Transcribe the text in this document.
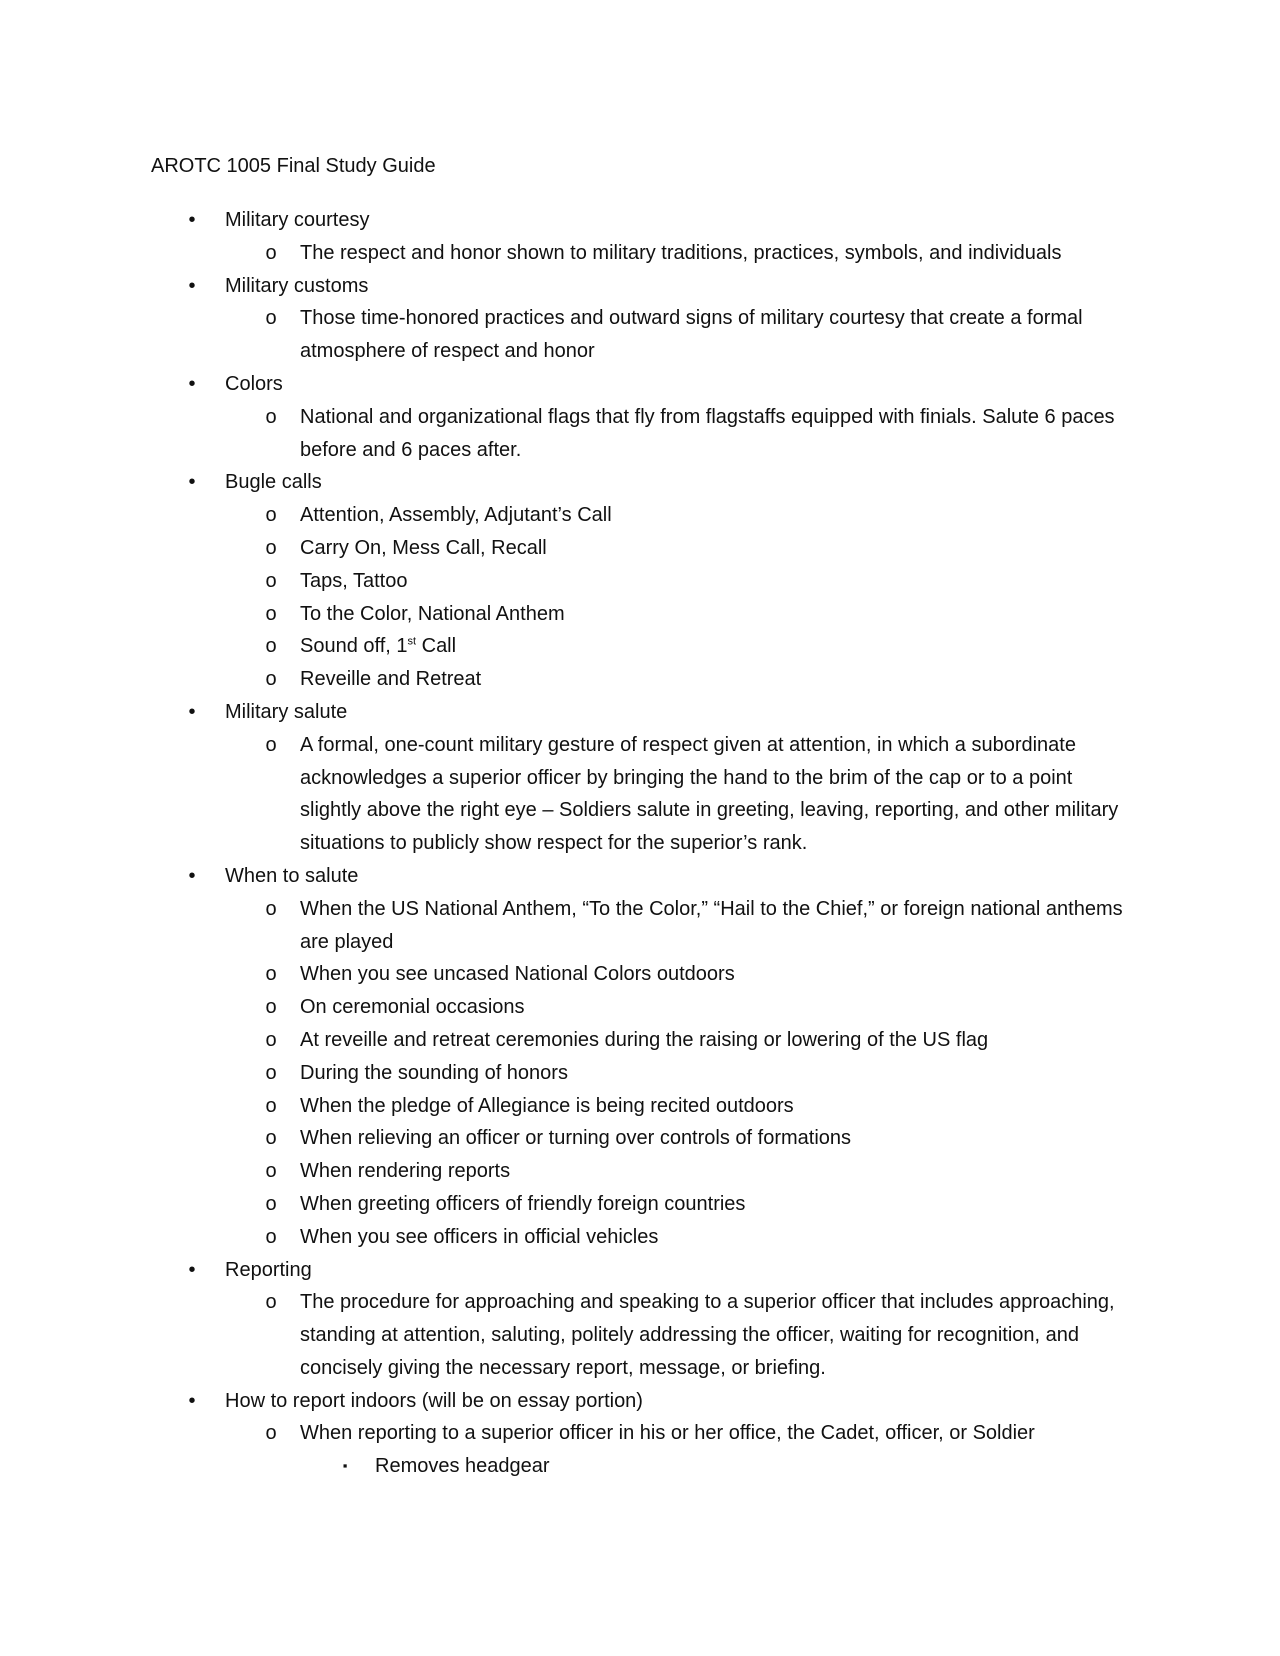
AROTC 1005 Final Study Guide
• Military courtesy
o The respect and honor shown to military traditions, practices, symbols, and individuals
• Military customs
o Those time-honored practices and outward signs of military courtesy that create a formal atmosphere of respect and honor
• Colors
o National and organizational flags that fly from flagstaffs equipped with finials. Salute 6 paces before and 6 paces after.
• Bugle calls
o Attention, Assembly, Adjutant’s Call
o Carry On, Mess Call, Recall
o Taps, Tattoo
o To the Color, National Anthem
o Sound off, 1st Call
o Reveille and Retreat
• Military salute
o A formal, one-count military gesture of respect given at attention, in which a subordinate acknowledges a superior officer by bringing the hand to the brim of the cap or to a point slightly above the right eye – Soldiers salute in greeting, leaving, reporting, and other military situations to publicly show respect for the superior’s rank.
• When to salute
o When the US National Anthem, “To the Color,” “Hail to the Chief,” or foreign national anthems are played
o When you see uncased National Colors outdoors
o On ceremonial occasions
o At reveille and retreat ceremonies during the raising or lowering of the US flag
o During the sounding of honors
o When the pledge of Allegiance is being recited outdoors
o When relieving an officer or turning over controls of formations
o When rendering reports
o When greeting officers of friendly foreign countries
o When you see officers in official vehicles
• Reporting
o The procedure for approaching and speaking to a superior officer that includes approaching, standing at attention, saluting, politely addressing the officer, waiting for recognition, and concisely giving the necessary report, message, or briefing.
• How to report indoors (will be on essay portion)
o When reporting to a superior officer in his or her office, the Cadet, officer, or Soldier
▪ Removes headgear
